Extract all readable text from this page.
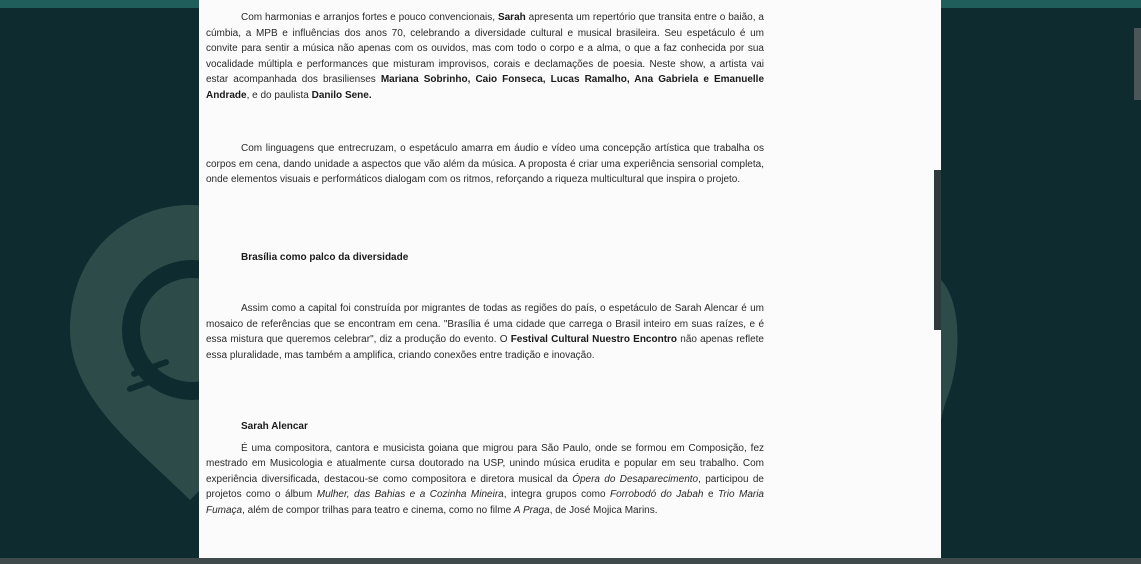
Com harmonias e arranjos fortes e pouco convencionais, Sarah apresenta um repertório que transita entre o baião, a cúmbia, a MPB e influências dos anos 70, celebrando a diversidade cultural e musical brasileira. Seu espetáculo é um convite para sentir a música não apenas com os ouvidos, mas com todo o corpo e a alma, o que a faz conhecida por sua vocalidade múltipla e performances que misturam improvisos, corais e declamações de poesia. Neste show, a artista vai estar acompanhada dos brasilienses Mariana Sobrinho, Caio Fonseca, Lucas Ramalho, Ana Gabriela e Emanuelle Andrade, e do paulista Danilo Sene.

Com linguagens que entrecruzam, o espetáculo amarra em áudio e vídeo uma concepção artística que trabalha os corpos em cena, dando unidade a aspectos que vão além da música. A proposta é criar uma experiência sensorial completa, onde elementos visuais e performáticos dialogam com os ritmos, reforçando a riqueza multicultural que inspira o projeto.

Brasília como palco da diversidade

Assim como a capital foi construída por migrantes de todas as regiões do país, o espetáculo de Sarah Alencar é um mosaico de referências que se encontram em cena. "Brasília é uma cidade que carrega o Brasil inteiro em suas raízes, e é essa mistura que queremos celebrar", diz a produção do evento. O Festival Cultural Nuestro Encontro não apenas reflete essa pluralidade, mas também a amplifica, criando conexões entre tradição e inovação.

Sarah Alencar

É uma compositora, cantora e musicista goiana que migrou para São Paulo, onde se formou em Composição, fez mestrado em Musicologia e atualmente cursa doutorado na USP, unindo música erudita e popular em seu trabalho. Com experiência diversificada, destacou-se como compositora e diretora musical da Ópera do Desaparecimento, participou de projetos como o álbum Mulher, das Bahias e a Cozinha Mineira, integra grupos como Forrobodó do Jabah e Trio Maria Fumaça, além de compor trilhas para teatro e cinema, como no filme A Praga, de José Mojica Marins.
